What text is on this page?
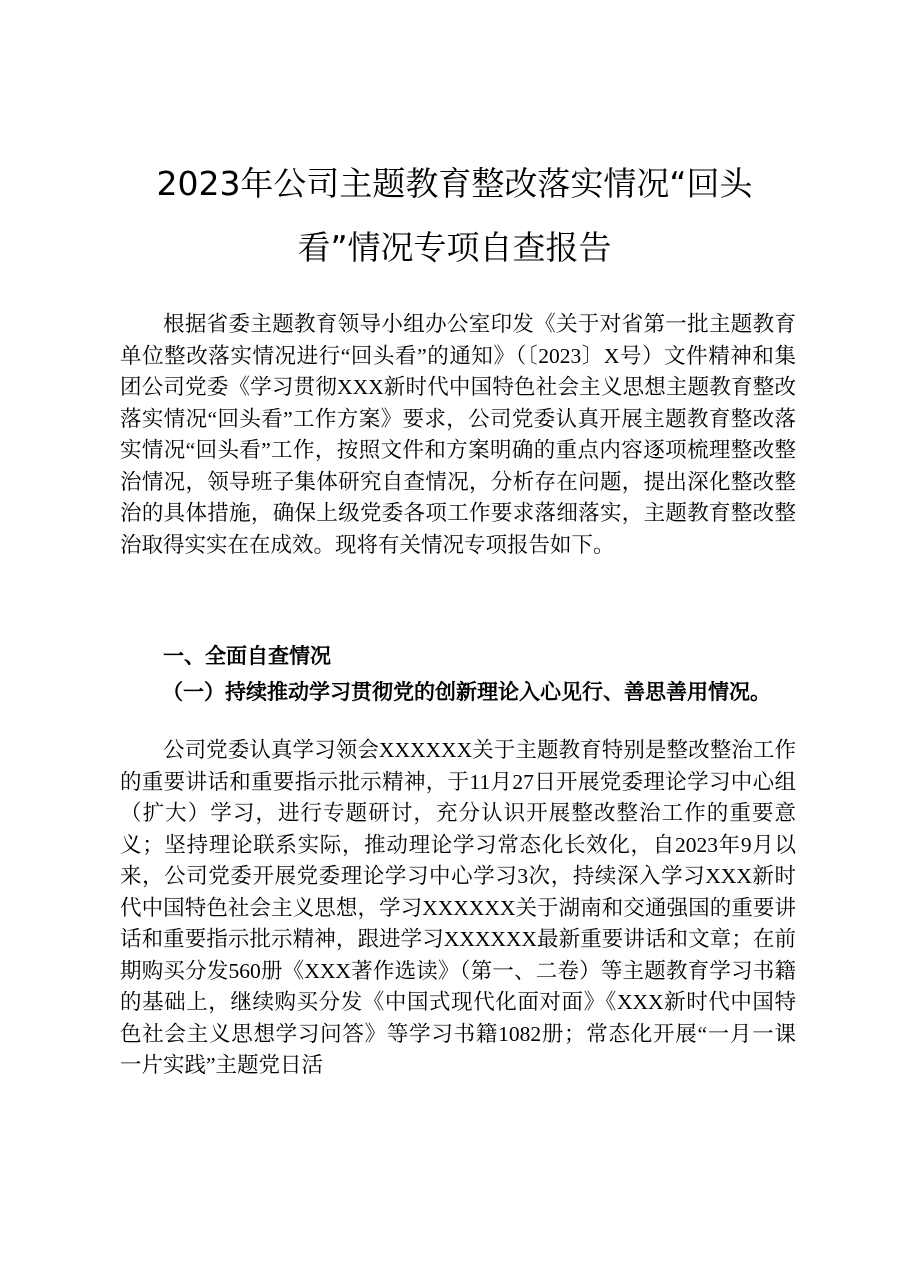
2023年公司主题教育整改落实情况“回头
看”情况专项自查报告

根据省委主题教育领导小组办公室印发《关于对省第一批主题教育单位整改落实情况进行“回头看”的通知》（〔2023〕X号）文件精神和集团公司党委《学习贯彻XXX新时代中国特色社会主义思想主题教育整改落实情况“回头看”工作方案》要求，公司党委认真开展主题教育整改落实情况“回头看”工作，按照文件和方案明确的重点内容逐项梳理整改整治情况，领导班子集体研究自查情况，分析存在问题，提出深化整改整治的具体措施，确保上级党委各项工作要求落细落实，主题教育整改整治取得实实在在成效。现将有关情况专项报告如下。

一、全面自查情况
（一）持续推动学习贯彻党的创新理论入心见行、善思善用情况。

公司党委认真学习领会XXXXXX关于主题教育特别是整改整治工作的重要讲话和重要指示批示精神，于11月27日开展党委理论学习中心组（扩大）学习，进行专题研讨，充分认识开展整改整治工作的重要意义；坚持理论联系实际，推动理论学习常态化长效化，自2023年9月以来，公司党委开展党委理论学习中心学习3次，持续深入学习XXX新时代中国特色社会主义思想，学习XXXXXX关于湖南和交通强国的重要讲话和重要指示批示精神，跟进学习XXXXXX最新重要讲话和文章；在前期购买分发560册《XXX著作选读》（第一、二卷）等主题教育学习书籍的基础上，继续购买分发《中国式现代化面对面》《XXX新时代中国特色社会主义思想学习问答》等学习书籍1082册；常态化开展“一月一课一片实践”主题党日活
